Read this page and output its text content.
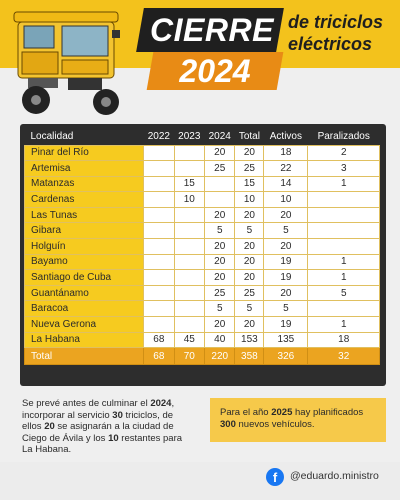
CIERRE
2024
de triciclos
eléctricos
Localidad	2022	2023	2024	Total	Activos	Paralizados
Pinar del Río			20	20	18	2
Artemisa			25	25	22	3
Matanzas		15		15	14	1
Cardenas		10		10	10	
Las Tunas			20	20	20	
Gibara			5	5	5	
Holguín			20	20	20	
Bayamo			20	20	19	1
Santiago de Cuba			20	20	19	1
Guantánamo			25	25	20	5
Baracoa			5	5	5	
Nueva Gerona			20	20	19	1
La Habana	68	45	40	153	135	18
Total	68	70	220	358	326	32
Se prevé antes de culminar el 2024, incorporar al servicio 30 triciclos, de ellos 20 se asignarán a la ciudad de Ciego de Ávila y los 10 restantes para La Habana.
Para el año 2025 hay planificados 300 nuevos vehículos.
f	@eduardo.ministro
